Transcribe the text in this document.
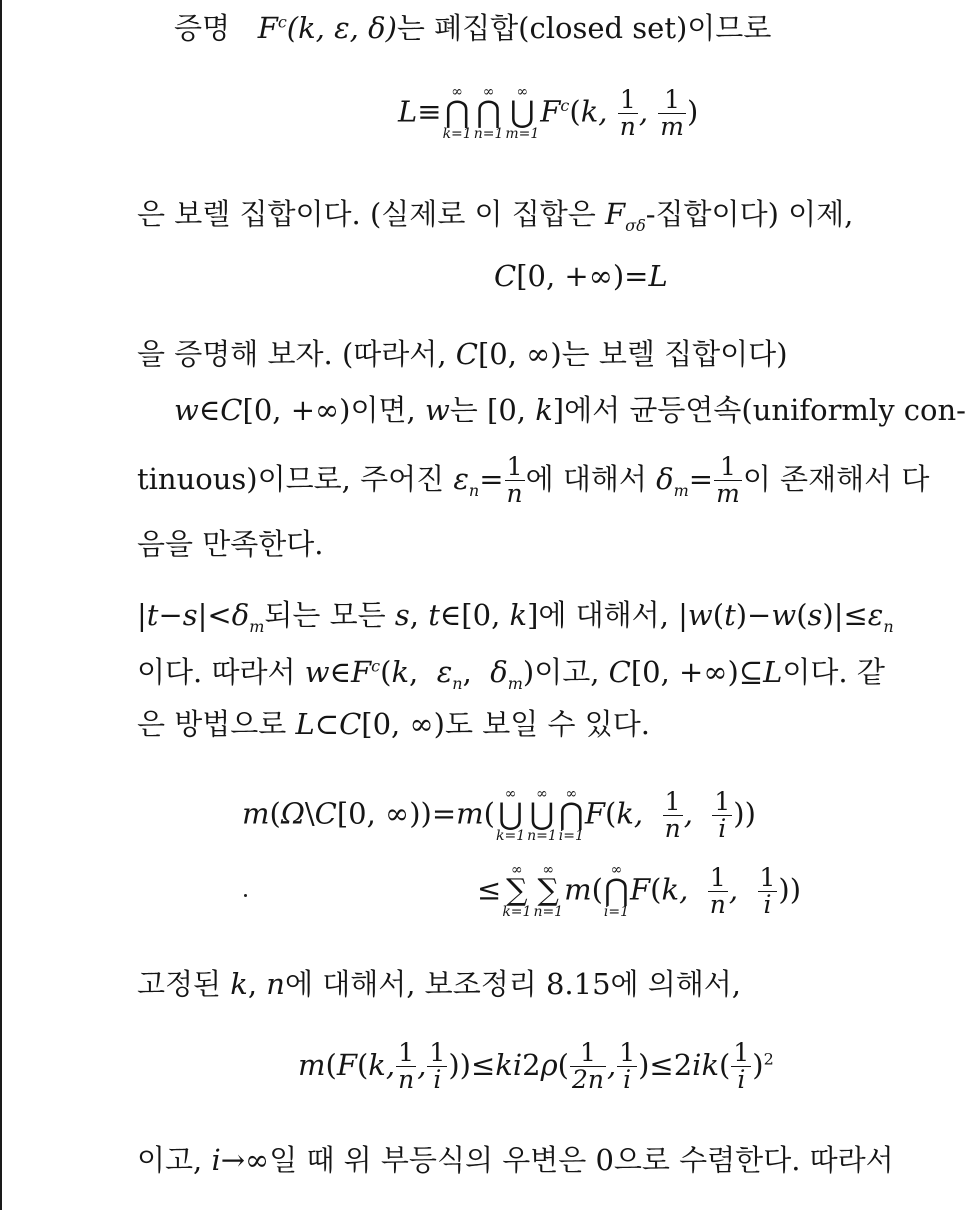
증명 $F^c(k$, ε, δ)는 폐집합(closed set)이므로
L≡
∞
⋂
k=1
∞
⋂
n=1
∞
⋃
m=1
$F^c(k$, $\frac{1}{n}$ , $\frac{1}{m}$ )
은 보렐 집합이다. (실제로 이 집합은 $F_{\sigma\delta}-$집합이다) 이제,
C[0, +∞)=L
을 증명해 보자. (따라서, C[0, ∞)는 보렐 집합이다)
w∈C[0, +∞)이면, w는 [0, k]에서 균등연속(uniformly con-
tinuous)이므로, 주어진 $\varepsilon_n= \frac{1}{n}$ 에 대해서 $\delta_m= \frac{1}{m}$ 이 존재해서 다
음을 만족한다.
$|t-s|<\delta_m$되는 모든 s, t∈[0, k]에 대해서, $|w(t)-w(s)|\le\varepsilon_n$
이다. 따라서 $w\in F^c(k$,  $\varepsilon_n$,  $\delta_m$)이고, C[0, +∞)⊆L이다. 같
은 방법으로 L⊂C[0, ∞)도 보일 수 있다.
m(Ω\C[0, ∞))=m(
∞
⋃
k=1
∞
⋃
n=1
∞
⋂
i=1
F(k, $\frac{1}{n}$ , $\frac{1}{i}$ ))
≤
∞
∑
k=1
∞
∑
n=1
m(
∞
⋂
i=1
F(k, $\frac{1}{n}$ , $\frac{1}{i}$ ))
고정된 k, n에 대해서, 보조정리 8.15에 의해서,
m(F(k, $\frac{1}{n}$ , $\frac{1}{i} ))\le ki2\rho( \frac{1}{2n}$ , $\frac{1}{i} )\le 2ik( \frac{1}{i} )^2$
이고, i→∞일 때 위 부등식의 우변은 0으로 수렴한다. 따라서
